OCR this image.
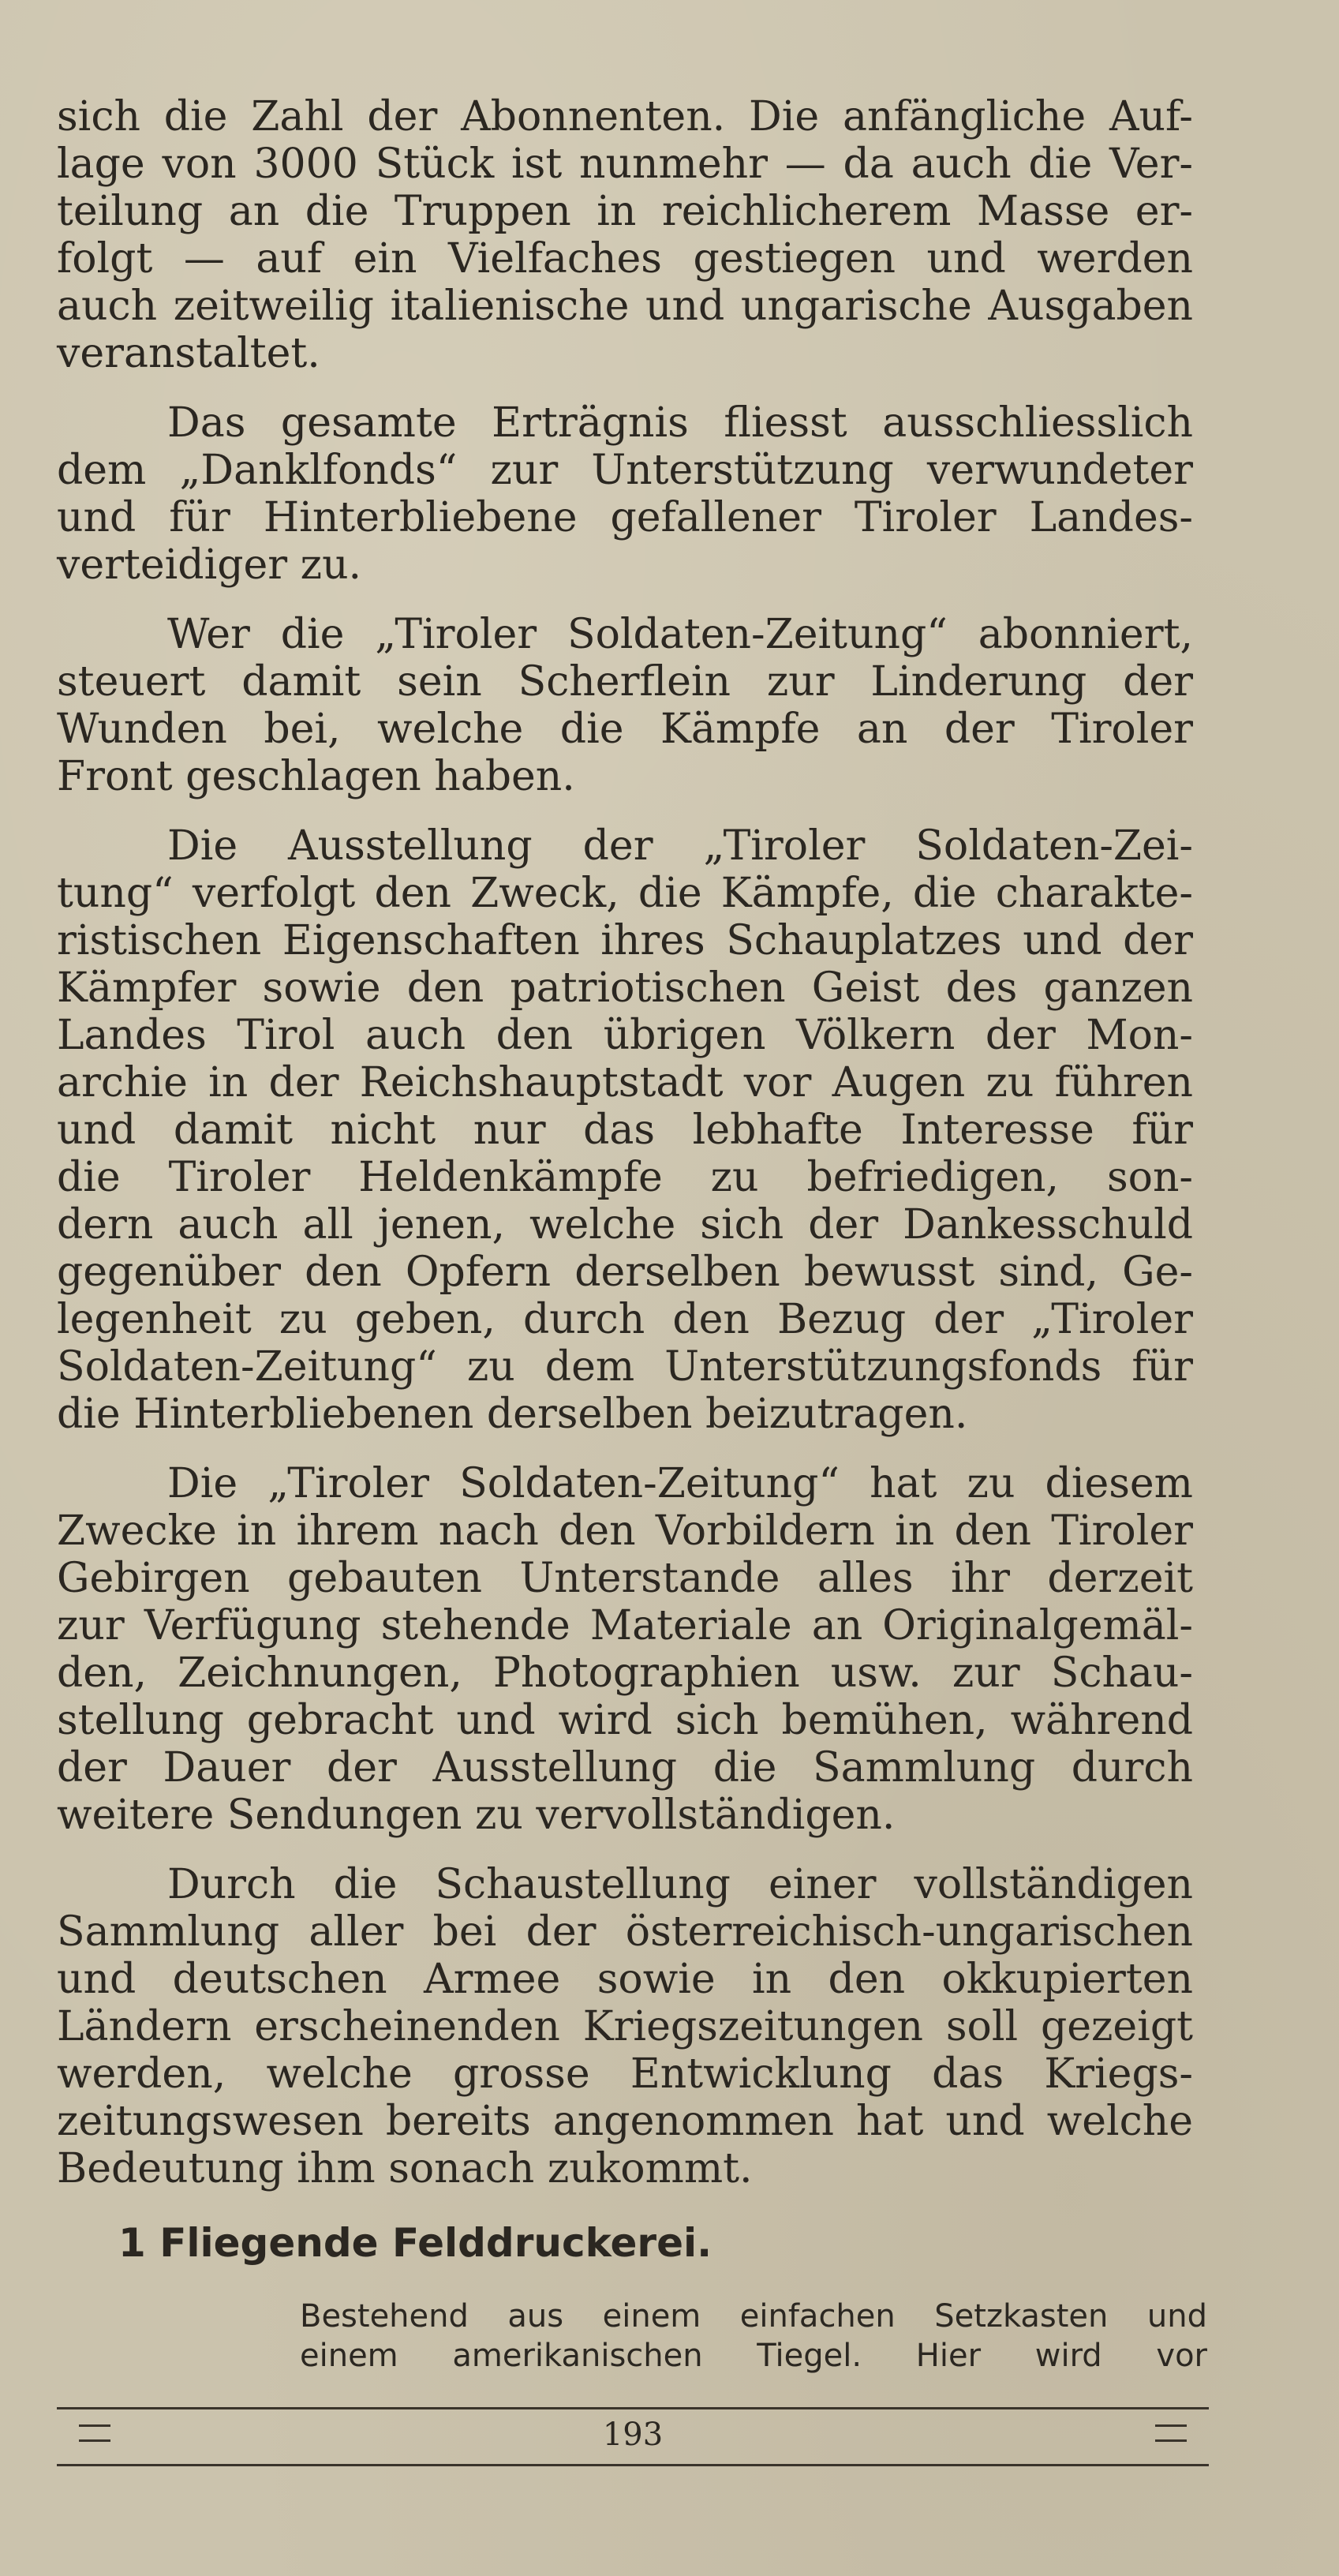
sich die Zahl der Abonnenten. Die anfängliche Auf-
lage von 3000 Stück ist nunmehr — da auch die Ver-
teilung an die Truppen in reichlicherem Masse er-
folgt — auf ein Vielfaches gestiegen und werden
auch zeitweilig italienische und ungarische Ausgaben
veranstaltet.

Das gesamte Erträgnis fliesst ausschliesslich
dem „Danklfonds“ zur Unterstützung verwundeter
und für Hinterbliebene gefallener Tiroler Landes-
verteidiger zu.

Wer die „Tiroler Soldaten-Zeitung“ abonniert,
steuert damit sein Scherflein zur Linderung der
Wunden bei, welche die Kämpfe an der Tiroler
Front geschlagen haben.

Die Ausstellung der „Tiroler Soldaten-Zei-
tung“ verfolgt den Zweck, die Kämpfe, die charakte-
ristischen Eigenschaften ihres Schauplatzes und der
Kämpfer sowie den patriotischen Geist des ganzen
Landes Tirol auch den übrigen Völkern der Mon-
archie in der Reichshauptstadt vor Augen zu führen
und damit nicht nur das lebhafte Interesse für
die Tiroler Heldenkämpfe zu befriedigen, son-
dern auch all jenen, welche sich der Dankesschuld
gegenüber den Opfern derselben bewusst sind, Ge-
legenheit zu geben, durch den Bezug der „Tiroler
Soldaten-Zeitung“ zu dem Unterstützungsfonds für
die Hinterbliebenen derselben beizutragen.

Die „Tiroler Soldaten-Zeitung“ hat zu diesem
Zwecke in ihrem nach den Vorbildern in den Tiroler
Gebirgen gebauten Unterstande alles ihr derzeit
zur Verfügung stehende Materiale an Originalgemäl-
den, Zeichnungen, Photographien usw. zur Schau-
stellung gebracht und wird sich bemühen, während
der Dauer der Ausstellung die Sammlung durch
weitere Sendungen zu vervollständigen.

Durch die Schaustellung einer vollständigen
Sammlung aller bei der österreichisch-ungarischen
und deutschen Armee sowie in den okkupierten
Ländern erscheinenden Kriegszeitungen soll gezeigt
werden, welche grosse Entwicklung das Kriegs-
zeitungswesen bereits angenommen hat und welche
Bedeutung ihm sonach zukommt.

1 Fliegende Felddruckerei.
Bestehend aus einem einfachen Setzkasten und
einem amerikanischen Tiegel. Hier wird vor
193
